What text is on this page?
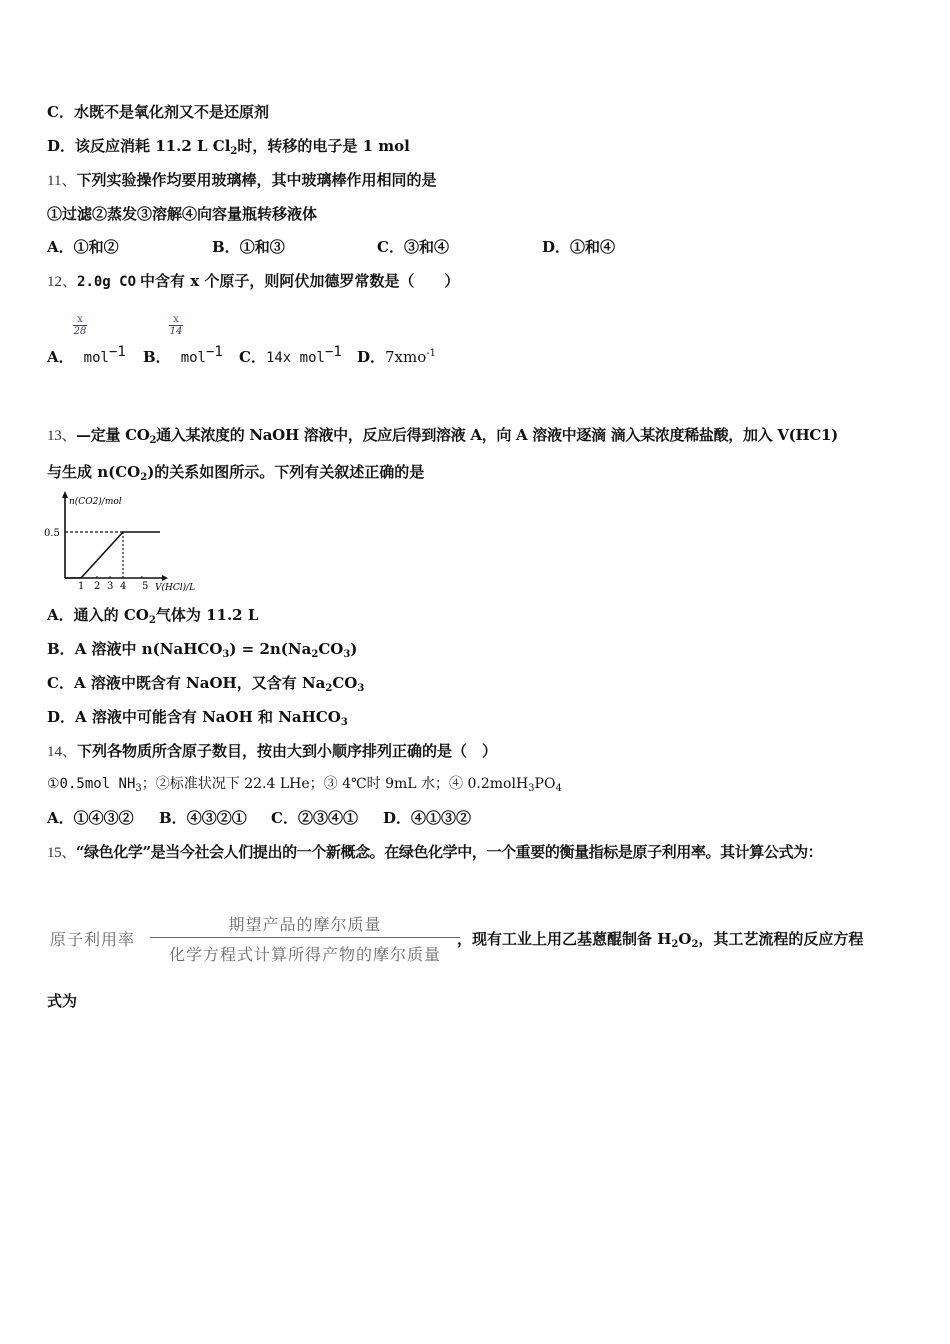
C．水既不是氧化剂又不是还原剂
D．该反应消耗 11.2 L $Cl_2$时，转移的电子是 1 mol
11、下列实验操作均要用玻璃棒，其中玻璃棒作用相同的是
①过滤②蒸发③溶解④向容量瓶转移液体
A．①和②	B．①和③	C．③和④	D．①和④
12、2.0g CO 中含有 x 个原子，则阿伏加德罗常数是（　　）
$\frac{x}{28}$	$\frac{x}{14}$
A． mol$^{-1}$ B． mol$^{-1}$ C．14x mol$^{-1}$ D．7xmo$^{-1}$
13、—定量 $CO_2$通入某浓度的 NaOH 溶液中，反应后得到溶液 A，向 A 溶液中逐滴 滴入某浓度稀盐酸，加入 V(HC1)
与生成 $n(CO_2)$的关系如图所示。下列有关叙述正确的是
n(CO2)/mol
0.5
1 2 3 4 5 V(HCl)/L
A．通入的 $CO_2$气体为 11.2 L
B．A 溶液中 n(NaHCO$_3$) = $2n(Na_2CO_3)$
C．A 溶液中既含有 NaOH，又含有 $Na_2CO_3$
D．A 溶液中可能含有 NaOH 和 NaHCO$_3$
14、下列各物质所含原子数目，按由大到小顺序排列正确的是（　）
①0.5mol $NH_3$；②标准状况下 22.4 LHe；③ 4℃时 9mL 水；④ $0.2molH_3PO_4$
A．①④③② B．④③②① C．②③④① D．④①③②
15、“绿色化学”是当今社会人们提出的一个新概念。在绿色化学中，一个重要的衡量指标是原子利用率。其计算公式为：
原子利用率
期望产品的摩尔质量
化学方程式计算所得产物的摩尔质量
，现有工业上用乙基蒽醌制备 $H_2O_2$，其工艺流程的反应方程
式为
